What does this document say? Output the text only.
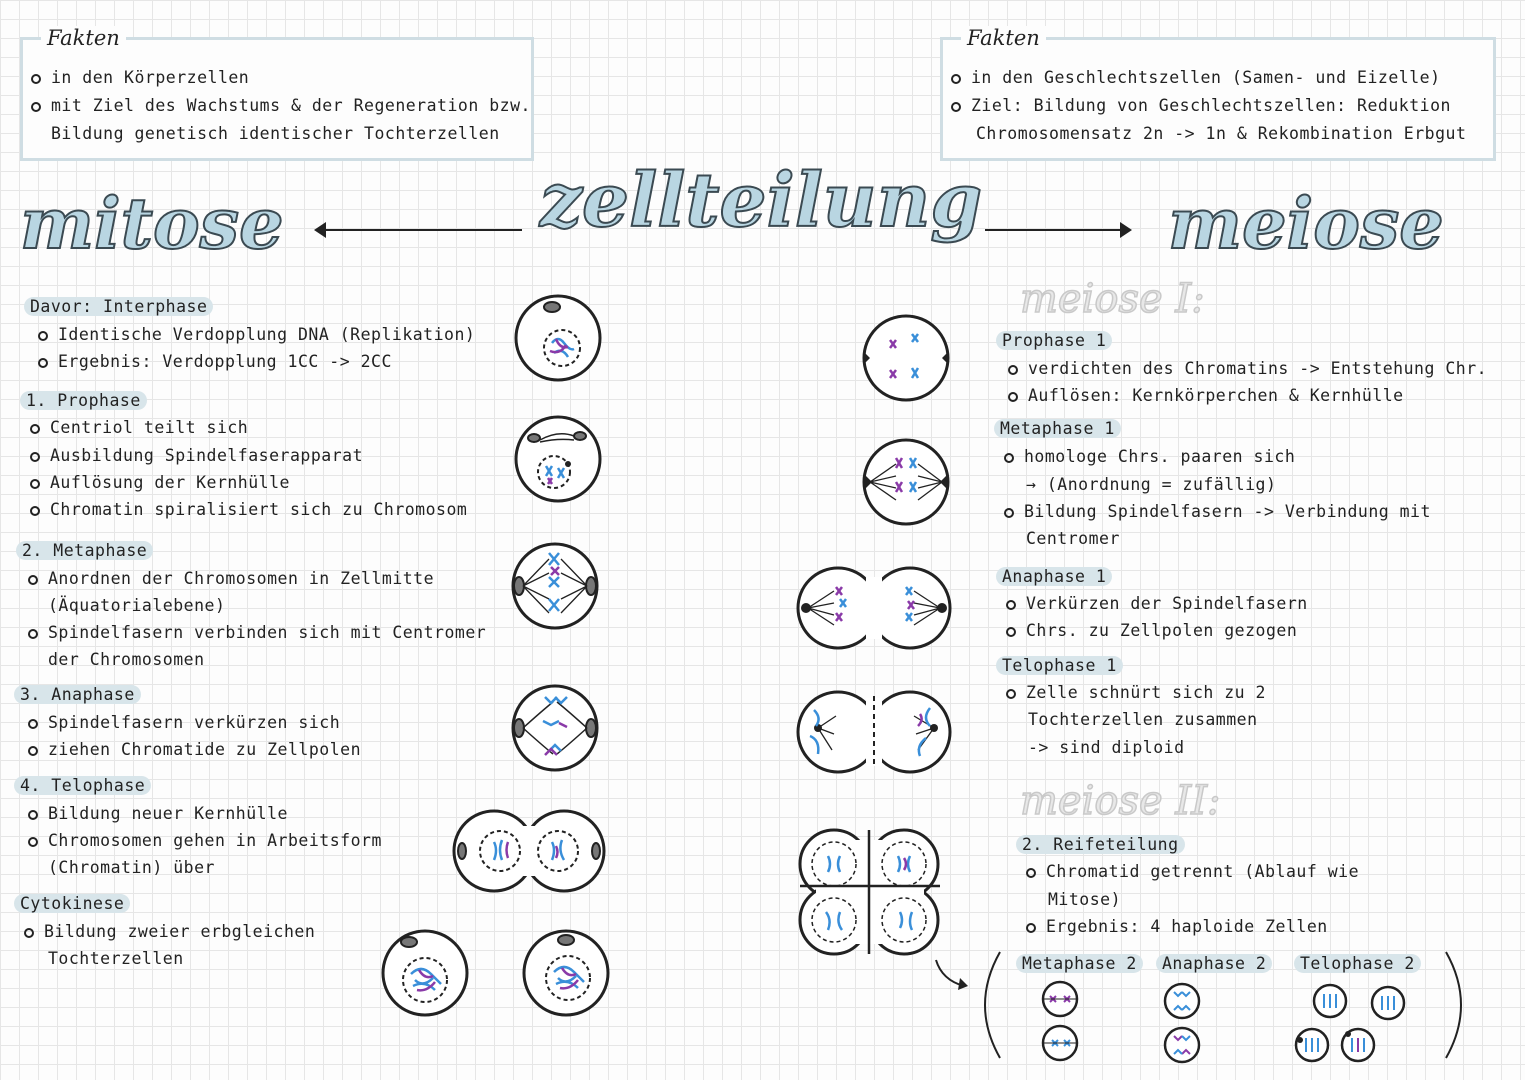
Fakten
in den Körperzellen
mit Ziel des Wachstums & der Regeneration bzw.
Bildung genetisch identischer Tochterzellen
Fakten
in den Geschlechtszellen (Samen- und Eizelle)
Ziel: Bildung von Geschlechtszellen: Reduktion
Chromosomensatz 2n -> 1n & Rekombination Erbgut
zellteilung
mitose	meiose
Davor: Interphase
Identische Verdopplung DNA (Replikation)
Ergebnis: Verdopplung 1CC -> 2CC
1. Prophase
Centriol teilt sich
Ausbildung Spindelfaserapparat
Auflösung der Kernhülle
Chromatin spiralisiert sich zu Chromosom
2. Metaphase
Anordnen der Chromosomen in Zellmitte
(Äquatorialebene)
Spindelfasern verbinden sich mit Centromer
der Chromosomen
3. Anaphase
Spindelfasern verkürzen sich
ziehen Chromatide zu Zellpolen
4. Telophase
Bildung neuer Kernhülle
Chromosomen gehen in Arbeitsform
(Chromatin) über
Cytokinese
Bildung zweier erbgleichen
Tochterzellen
meiose I:
Prophase 1
verdichten des Chromatins -> Entstehung Chr.
Auflösen: Kernkörperchen & Kernhülle
Metaphase 1
homologe Chrs. paaren sich
→ (Anordnung = zufällig)
Bildung Spindelfasern -> Verbindung mit
Centromer
Anaphase 1
Verkürzen der Spindelfasern
Chrs. zu Zellpolen gezogen
Telophase 1
Zelle schnürt sich zu 2
Tochterzellen zusammen
-> sind diploid
meiose II:
2. Reifeteilung
Chromatid getrennt (Ablauf wie
Mitose)
Ergebnis: 4 haploide Zellen
Metaphase 2	Anaphase 2	Telophase 2
